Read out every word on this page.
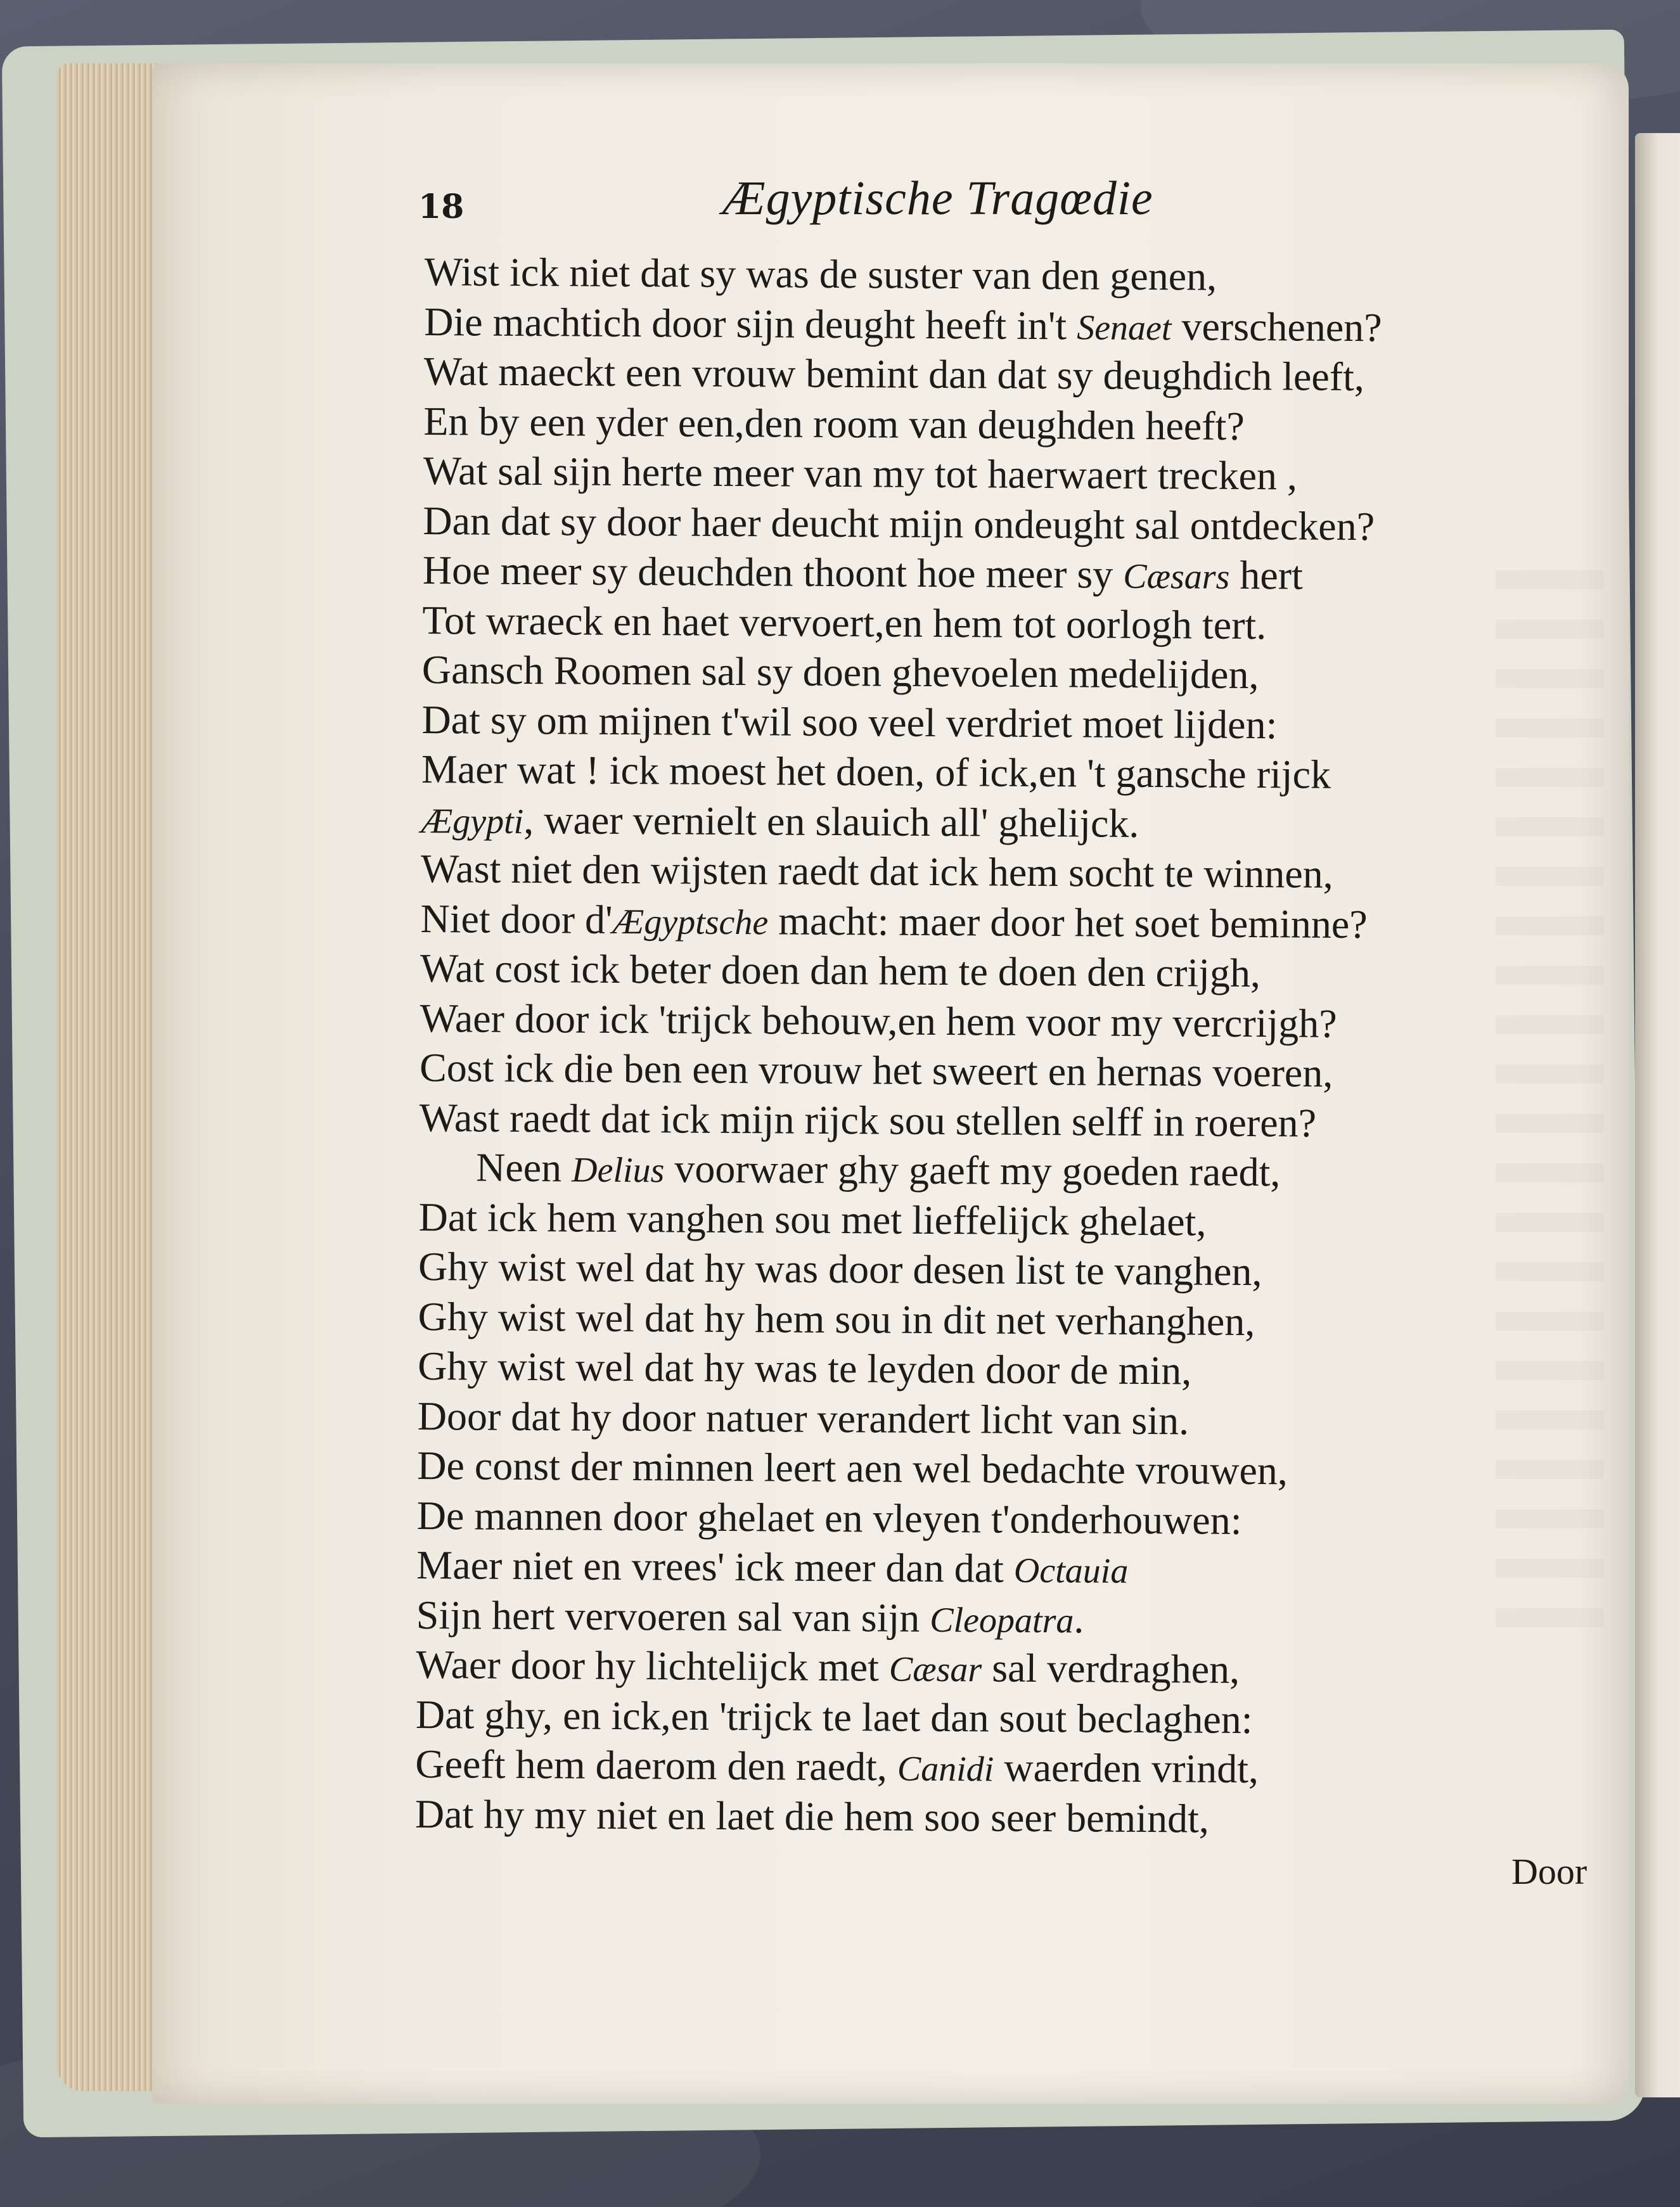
18	Ægyptische Tragœdie
Wist ick niet dat sy was de suster van den genen,
Die machtich door sijn deught heeft in't Senaet verschenen?
Wat maeckt een vrouw bemint dan dat sy deughdich leeft,
En by een yder een,den room van deughden heeft?
Wat sal sijn herte meer van my tot haerwaert trecken ,
Dan dat sy door haer deucht mijn ondeught sal ontdecken?
Hoe meer sy deuchden thoont hoe meer sy Cæsars hert
Tot wraeck en haet vervoert,en hem tot oorlogh tert.
Gansch Roomen sal sy doen ghevoelen medelijden,
Dat sy om mijnen t'wil soo veel verdriet moet lijden:
Maer wat ! ick moest het doen, of ick,en 't gansche rijck
Ægypti, waer vernielt en slauich all' ghelijck.
Wast niet den wijsten raedt dat ick hem socht te winnen,
Niet door d'Ægyptsche macht: maer door het soet beminne?
Wat cost ick beter doen dan hem te doen den crijgh,
Waer door ick 'trijck behouw,en hem voor my vercrijgh?
Cost ick die ben een vrouw het sweert en hernas voeren,
Wast raedt dat ick mijn rijck sou stellen selff in roeren?
Neen Delius voorwaer ghy gaeft my goeden raedt,
Dat ick hem vanghen sou met lieffelijck ghelaet,
Ghy wist wel dat hy was door desen list te vanghen,
Ghy wist wel dat hy hem sou in dit net verhanghen,
Ghy wist wel dat hy was te leyden door de min,
Door dat hy door natuer verandert licht van sin.
De const der minnen leert aen wel bedachte vrouwen,
De mannen door ghelaet en vleyen t'onderhouwen:
Maer niet en vrees' ick meer dan dat Octauia
Sijn hert vervoeren sal van sijn Cleopatra.
Waer door hy lichtelijck met Cæsar sal verdraghen,
Dat ghy, en ick,en 'trijck te laet dan sout beclaghen:
Geeft hem daerom den raedt, Canidi waerden vrindt,
Dat hy my niet en laet die hem soo seer bemindt,
Door
